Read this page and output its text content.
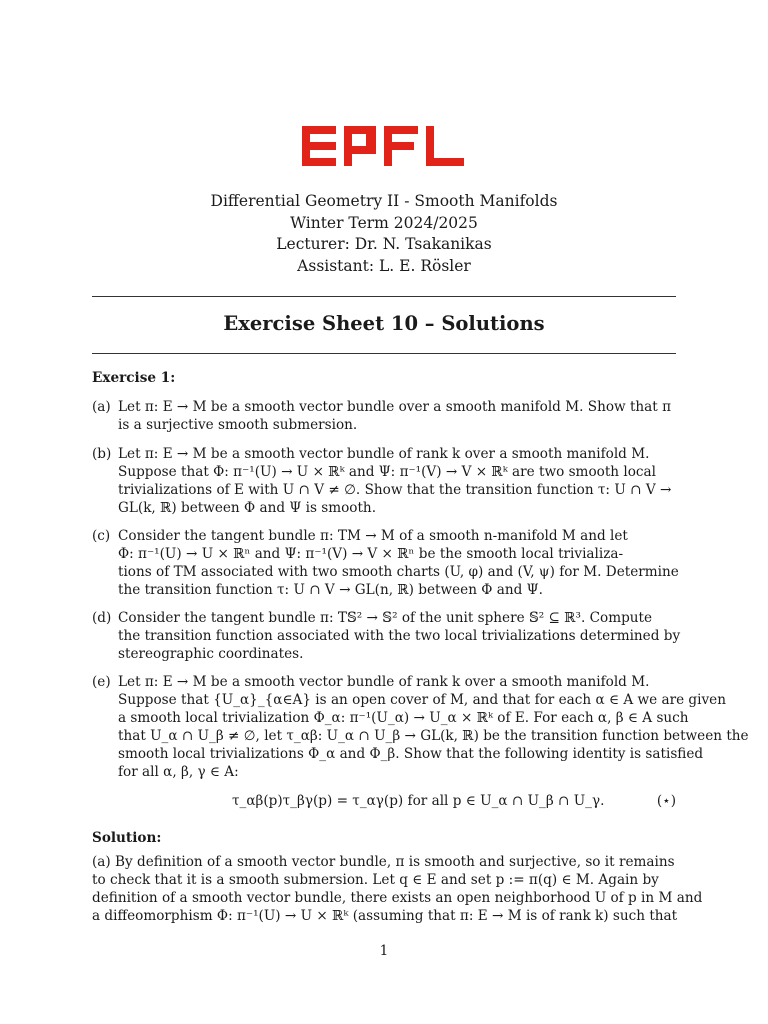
Differential Geometry II - Smooth Manifolds
Winter Term 2024/2025
Lecturer: Dr. N. Tsakanikas
Assistant: L. E. Rösler
Exercise Sheet 10 – Solutions
Exercise 1:
(a) Let π: E → M be a smooth vector bundle over a smooth manifold M. Show that π
is a surjective smooth submersion.
(b) Let π: E → M be a smooth vector bundle of rank k over a smooth manifold M.
Suppose that Φ: π⁻¹(U) → U × ℝᵏ and Ψ: π⁻¹(V) → V × ℝᵏ are two smooth local
trivializations of E with U ∩ V ≠ ∅. Show that the transition function τ: U ∩ V →
GL(k, ℝ) between Φ and Ψ is smooth.
(c) Consider the tangent bundle π: TM → M of a smooth n-manifold M and let
Φ: π⁻¹(U) → U × ℝⁿ and Ψ: π⁻¹(V) → V × ℝⁿ be the smooth local trivializa-
tions of TM associated with two smooth charts (U, φ) and (V, ψ) for M. Determine
the transition function τ: U ∩ V → GL(n, ℝ) between Φ and Ψ.
(d) Consider the tangent bundle π: T𝕊² → 𝕊² of the unit sphere 𝕊² ⊆ ℝ³. Compute
the transition function associated with the two local trivializations determined by
stereographic coordinates.
(e) Let π: E → M be a smooth vector bundle of rank k over a smooth manifold M.
Suppose that {U_α}_{α∈A} is an open cover of M, and that for each α ∈ A we are given
a smooth local trivialization Φ_α: π⁻¹(U_α) → U_α × ℝᵏ of E. For each α, β ∈ A such
that U_α ∩ U_β ≠ ∅, let τ_αβ: U_α ∩ U_β → GL(k, ℝ) be the transition function between the
smooth local trivializations Φ_α and Φ_β. Show that the following identity is satisfied
for all α, β, γ ∈ A:
τ_αβ(p)τ_βγ(p) = τ_αγ(p) for all p ∈ U_α ∩ U_β ∩ U_γ.	(⋆)
Solution:
(a) By definition of a smooth vector bundle, π is smooth and surjective, so it remains
to check that it is a smooth submersion. Let q ∈ E and set p := π(q) ∈ M. Again by
definition of a smooth vector bundle, there exists an open neighborhood U of p in M and
a diffeomorphism Φ: π⁻¹(U) → U × ℝᵏ (assuming that π: E → M is of rank k) such that
1
